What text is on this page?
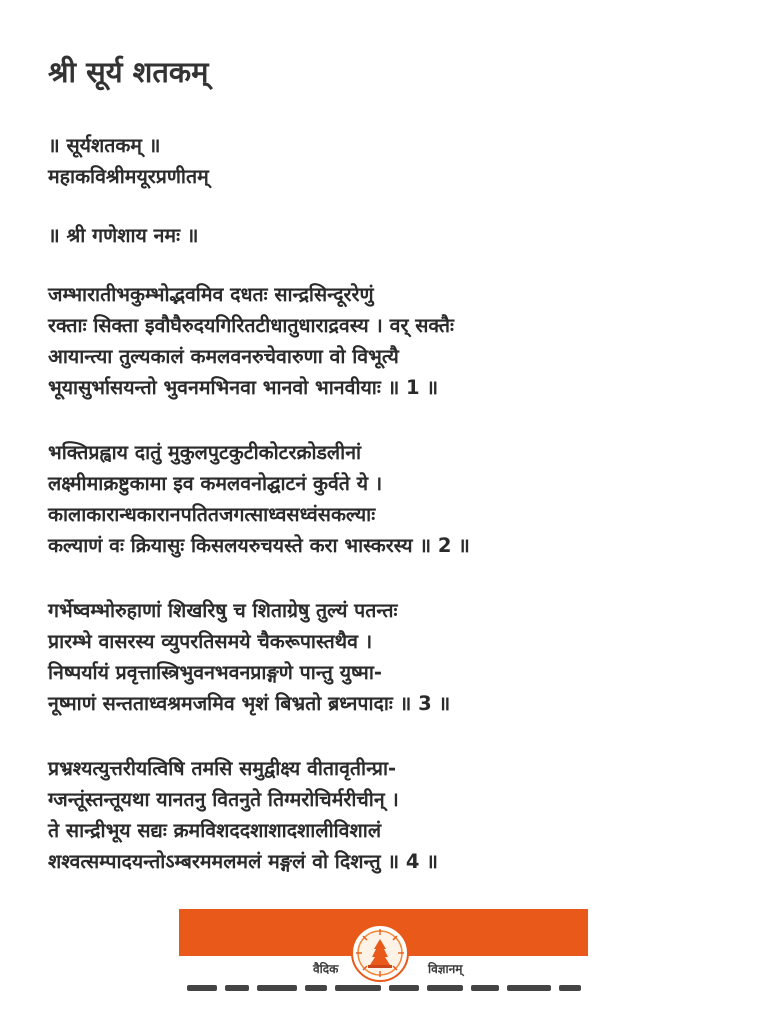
श्री सूर्य शतकम्
॥ सूर्यशतकम् ॥
महाकविश्रीमयूरप्रणीतम्
॥ श्री गणेशाय नमः ॥
जम्भारातीभकुम्भोद्भवमिव दधतः सान्द्रसिन्दूररेणुं
रक्ताः सिक्ता इवौघैरुदयगिरितटीधातुधाराद्रवस्य । वर् सक्तैः
आयान्त्या तुल्यकालं कमलवनरुचेवारुणा वो विभूत्यै
भूयासुर्भासयन्तो भुवनमभिनवा भानवो भानवीयाः ॥ 1 ॥
भक्तिप्रह्वाय दातुं मुकुलपुटकुटीकोटरक्रोडलीनां
लक्ष्मीमाक्रष्टुकामा इव कमलवनोद्घाटनं कुर्वते ये ।
कालाकारान्धकारानपतितजगत्साध्वसध्वंसकल्याः
कल्याणं वः क्रियासुः किसलयरुचयस्ते करा भास्करस्य ॥ 2 ॥
गर्भेष्वम्भोरुहाणां शिखरिषु च शिताग्रेषु तुल्यं पतन्तः
प्रारम्भे वासरस्य व्युपरतिसमये चैकरूपास्तथैव ।
निष्पर्यायं प्रवृत्तास्त्रिभुवनभवनप्राङ्गणे पान्तु युष्मा-
नूष्माणं सन्तताध्वश्रमजमिव भृशं बिभ्रतो ब्रध्नपादाः ॥ 3 ॥
प्रभ्रश्यत्युत्तरीयत्विषि तमसि समुद्वीक्ष्य वीतावृतीन्प्रा-
ग्जन्तूंस्तन्तूयथा यानतनु वितनुते तिग्मरोचिर्मरीचीन् ।
ते सान्द्रीभूय सद्यः क्रमविशददशाशादशालीविशालं
शश्वत्सम्पादयन्तोऽम्बरममलमलं मङ्गलं वो दिशन्तु ॥ 4 ॥
वैदिक	विज्ञानम्
